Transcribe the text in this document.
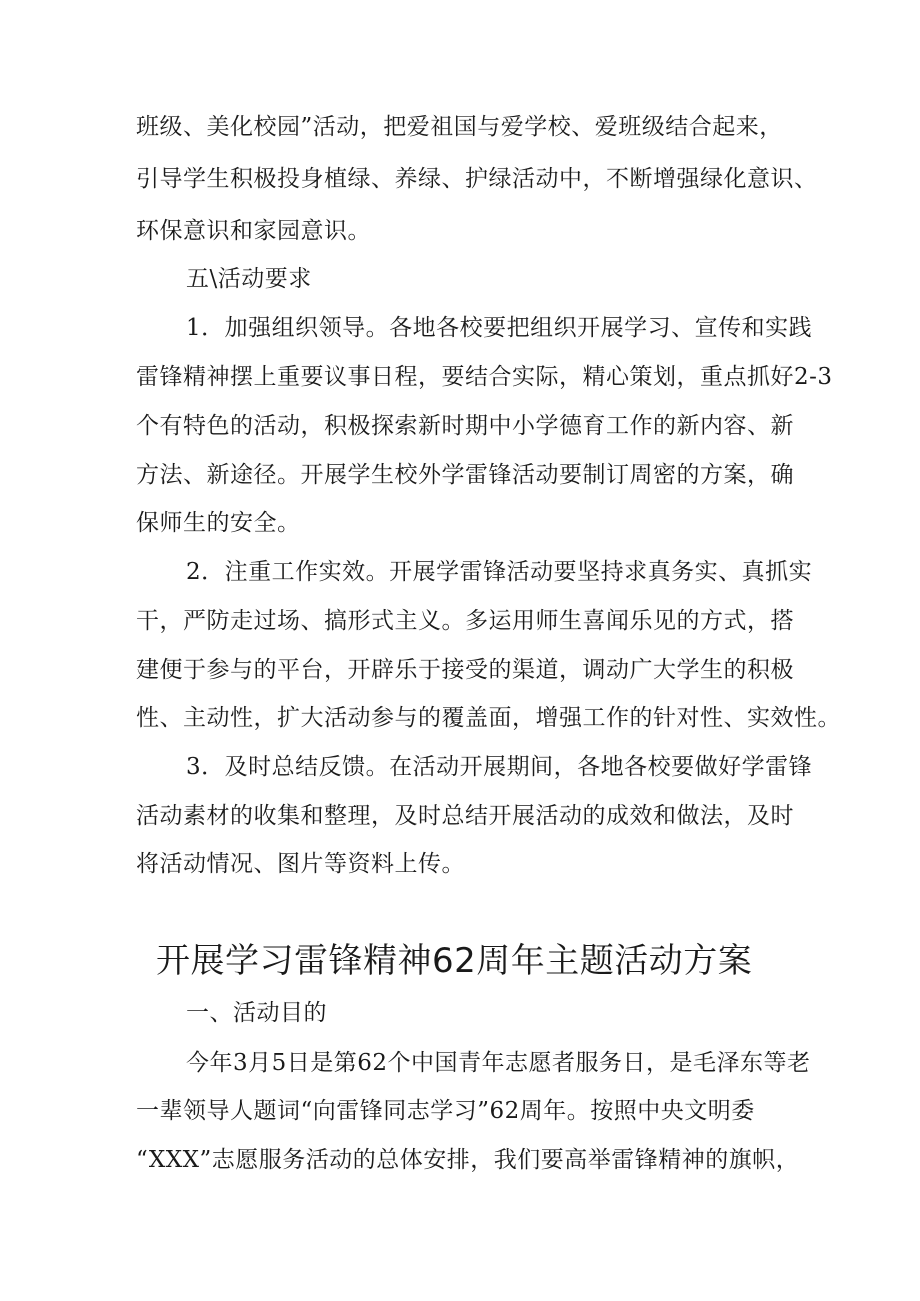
班级、美化校园”活动，把爱祖国与爱学校、爱班级结合起来，
引导学生积极投身植绿、养绿、护绿活动中，不断增强绿化意识、
环保意识和家园意识。
五\活动要求
1．加强组织领导。各地各校要把组织开展学习、宣传和实践
雷锋精神摆上重要议事日程，要结合实际，精心策划，重点抓好2-3
个有特色的活动，积极探索新时期中小学德育工作的新内容、新
方法、新途径。开展学生校外学雷锋活动要制订周密的方案，确
保师生的安全。
2．注重工作实效。开展学雷锋活动要坚持求真务实、真抓实
干，严防走过场、搞形式主义。多运用师生喜闻乐见的方式，搭
建便于参与的平台，开辟乐于接受的渠道，调动广大学生的积极
性、主动性，扩大活动参与的覆盖面，增强工作的针对性、实效性。
3．及时总结反馈。在活动开展期间，各地各校要做好学雷锋
活动素材的收集和整理，及时总结开展活动的成效和做法，及时
将活动情况、图片等资料上传。
开展学习雷锋精神62周年主题活动方案
一、活动目的
今年3月5日是第62个中国青年志愿者服务日，是毛泽东等老
一辈领导人题词“向雷锋同志学习”62周年。按照中央文明委
“XXX”志愿服务活动的总体安排，我们要高举雷锋精神的旗帜，
